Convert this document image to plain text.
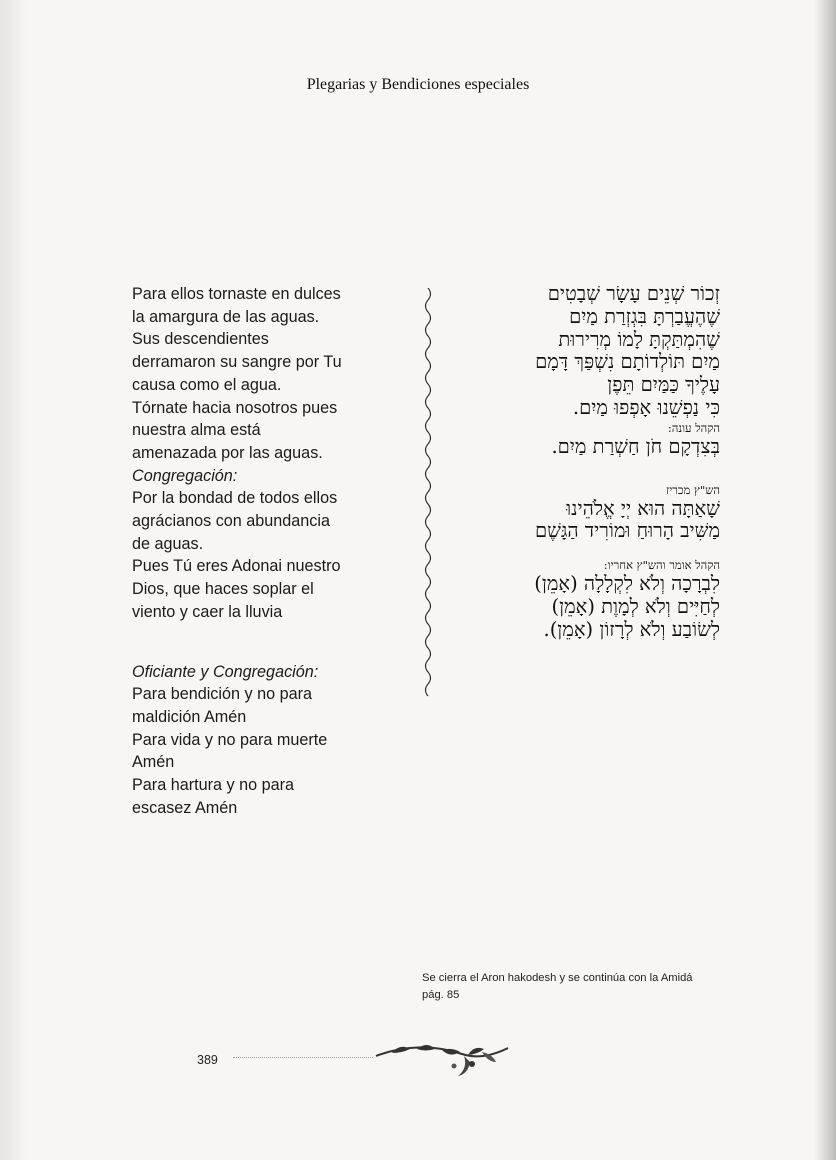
Plegarias y Bendiciones especiales
Para ellos tornaste en dulces
la amargura de las aguas.
Sus descendientes
derramaron su sangre por Tu
causa como el agua.
Tórnate hacia nosotros pues
nuestra alma está
amenazada por las aguas.
Congregación:
Por la bondad de todos ellos
agrácianos con abundancia
de aguas.
Pues Tú eres Adonai nuestro
Dios, que haces soplar el
viento y caer la lluvia
Oficiante y Congregación:
Para bendición y no para
maldición Amén
Para vida y no para muerte
Amén
Para hartura y no para
escasez Amén
זְכוֹר שְׁנֵים עָשָׂר שְׁבָטִים
שֶׁהֶעֱבַרְתָּ בִּגְזְרַת מַיִם
שֶׁהִמְתַּקְתָּ לָמוֹ מְרִירוּת
מַיִם תּוֹלְדוֹתָם נִשְׁפַּךְ דָּמָם
עָלֶיךָ כַּמַּיִם תֵּפֶן
כִּי נַפְשֵׁנוּ אָפְפוּ מַיִם.
הקהל עונה:
בְּצִדְקָם חֹן חַשְׁרַת מַיִם.
הש"ץ מכריז
שָׁאַתָּה הוּא יְיָ אֱלֹהֵינוּ
מַשִּׁיב הָרוּחַ וּמוֹרִיד הַגָּשֶׁם
הקהל אומר והש"ץ אחריו:
לִבְרָכָה וְלֹא לִקְלָלָה (אָמֵן)
לְחַיִּים וְלֹא לְמָוֶת (אָמֵן)
לְשׂוֹבַע וְלֹא לְרָזוֹן (אָמֵן).
Se cierra el Aron hakodesh y se continúa con la Amidá pág. 85
389
